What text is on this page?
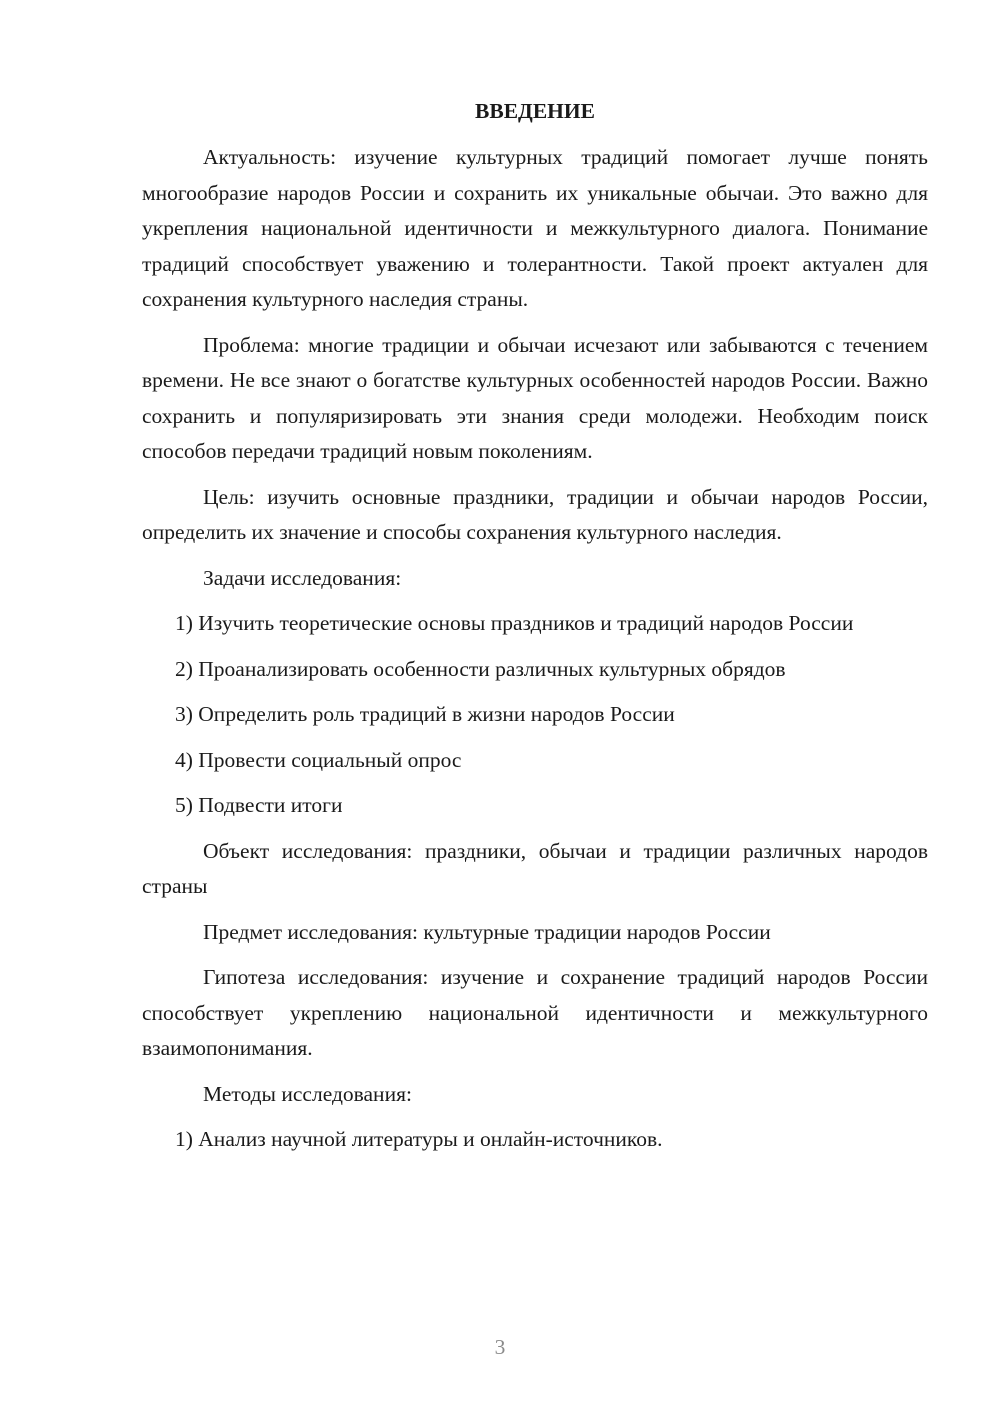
ВВЕДЕНИЕ

Актуальность: изучение культурных традиций помогает лучше понять многообразие народов России и сохранить их уникальные обычаи. Это важно для укрепления национальной идентичности и межкультурного диалога. Понимание традиций способствует уважению и толерантности. Такой проект актуален для сохранения культурного наследия страны.

Проблема: многие традиции и обычаи исчезают или забываются с течением времени. Не все знают о богатстве культурных особенностей народов России. Важно сохранить и популяризировать эти знания среди молодежи. Необходим поиск способов передачи традиций новым поколениям.

Цель: изучить основные праздники, традиции и обычаи народов России, определить их значение и способы сохранения культурного наследия.

Задачи исследования:

1) Изучить теоретические основы праздников и традиций народов России

2) Проанализировать особенности различных культурных обрядов

3) Определить роль традиций в жизни народов России

4) Провести социальный опрос

5) Подвести итоги

Объект исследования: праздники, обычаи и традиции различных народов страны

Предмет исследования: культурные традиции народов России

Гипотеза исследования: изучение и сохранение традиций народов России способствует укреплению национальной идентичности и межкультурного взаимопонимания.

Методы исследования:

1) Анализ научной литературы и онлайн-источников.

3
